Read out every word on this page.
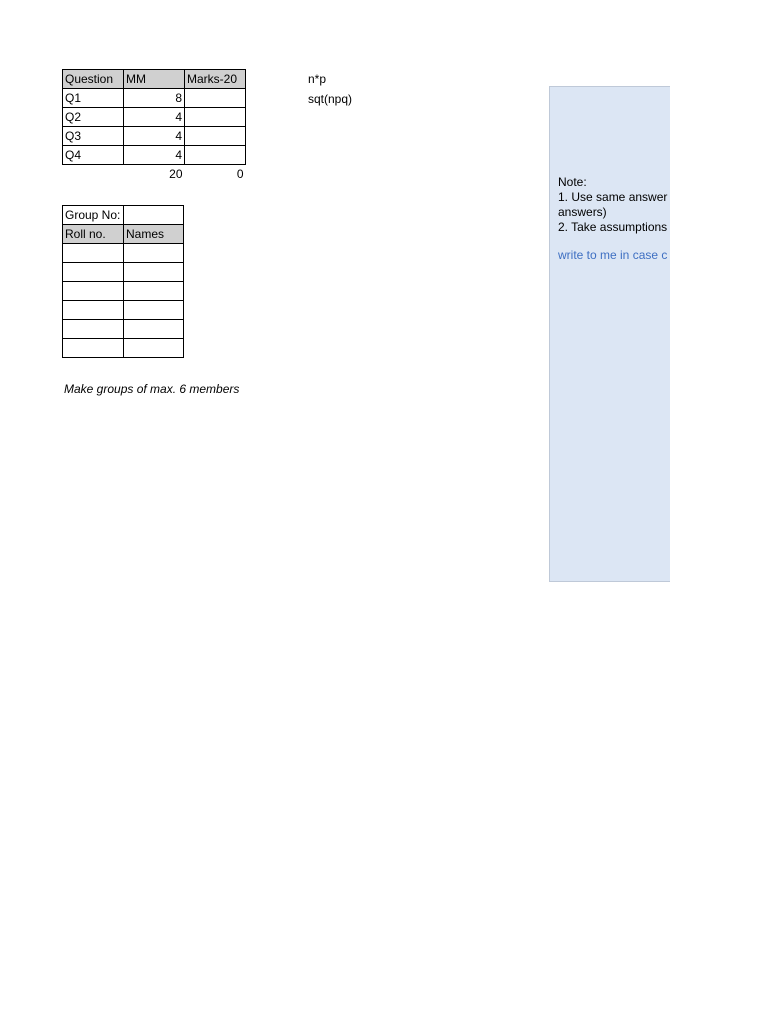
Question	MM	Marks-20
Q1	8	
Q2	4	
Q3	4	
Q4	4	
	20	0
n*p
sqt(npq)
Group No:	
Roll no.	Names

Make groups of max. 6 members
Note:
1. Use same answer
answers)
2. Take assumptions
write to me in case c
